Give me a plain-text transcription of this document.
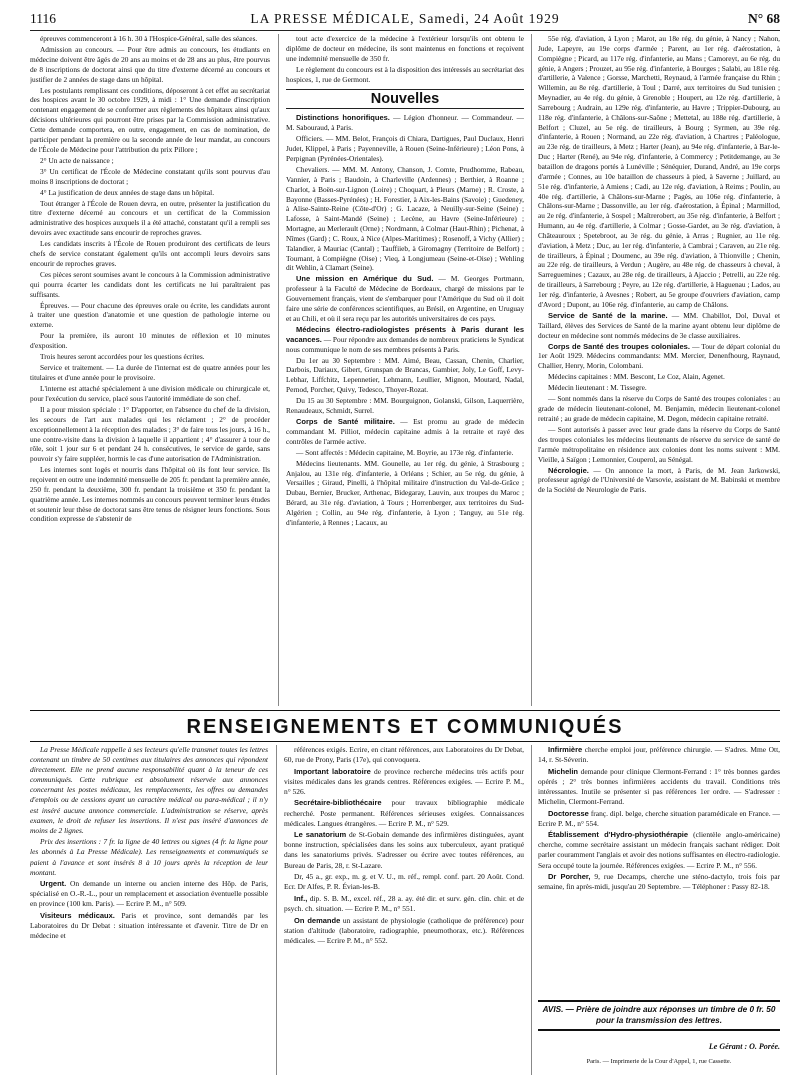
1116	LA PRESSE MÉDICALE, Samedi, 24 Août 1929	N° 68

épreuves commenceront à 16 h. 30 à l'Hospice-Général, salle des séances.

Admission au concours. — Pour être admis au concours, les étudiants en médecine doivent être âgés de 20 ans au moins et de 28 ans au plus, être pourvus de 8 inscriptions de doctorat ainsi que du titre d'externe décerné au concours et justifier de 2 années de stage dans un hôpital.

Les postulants remplissant ces conditions, déposeront à cet effet au secrétariat des hospices avant le 30 octobre 1929, à midi : 1° Une demande d'inscription contenant engagement de se conformer aux règlements des hôpitaux ainsi qu'aux décisions ultérieures qui pourront être prises par la Commission administrative. Cette demande comportera, en outre, engagement, en cas de nomination, de participer pendant la première ou la seconde année de leur mandat, au concours de l'École de Médecine pour l'attribution du prix Pillore ;

2° Un acte de naissance ;

3° Un certificat de l'École de Médecine constatant qu'ils sont pourvus d'au moins 8 inscriptions de doctorat ;

4° La justification de deux années de stage dans un hôpital.

Tout étranger à l'École de Rouen devra, en outre, présenter la justification du titre d'externe décerné au concours et un certificat de la Commission administrative des hospices auxquels il a été attaché, constatant qu'il a rempli ses devoirs avec exactitude sans encourir de reproches graves.

Les candidats inscrits à l'École de Rouen produiront des certificats de leurs chefs de service constatant également qu'ils ont accompli leurs devoirs sans encourir de reproches graves.

Ces pièces seront soumises avant le concours à la Commission administrative qui pourra écarter les candidats dont les certificats ne lui paraîtraient pas suffisants.

Épreuves. — Pour chacune des épreuves orale ou écrite, les candidats auront à traiter une question d'anatomie et une question de pathologie interne ou externe.

Pour la première, ils auront 10 minutes de réflexion et 10 minutes d'exposition.

Trois heures seront accordées pour les questions écrites.

Service et traitement. — La durée de l'internat est de quatre années pour les titulaires et d'une année pour le provisoire.

L'interne est attaché spécialement à une division médicale ou chirurgicale et, pour l'exécution du service, placé sous l'autorité immédiate de son chef.

Il a pour mission spéciale : 1° D'apporter, en l'absence du chef de la division, les secours de l'art aux malades qui les réclament ; 2° de procéder exceptionnellement à la réception des malades ; 3° de faire tous les jours, à 16 h., une contre-visite dans la division à laquelle il appartient ; 4° d'assurer à tour de rôle, soit 1 jour sur 6 et pendant 24 h. consécutives, le service de garde, sans pouvoir s'y faire suppléer, hormis le cas d'une autorisation de l'Administration.

Les internes sont logés et nourris dans l'hôpital où ils font leur service. Ils reçoivent en outre une indemnité mensuelle de 205 fr. pendant la première année, 250 fr. pendant la deuxième, 300 fr. pendant la troisième et 350 fr. pendant la quatrième année. Les internes nommés au concours peuvent terminer leurs études et soutenir leur thèse de doctorat sans être tenus de résigner leurs fonctions. Sous condition expresse de s'abstenir de

tout acte d'exercice de la médecine à l'extérieur lorsqu'ils ont obtenu le diplôme de docteur en médecine, ils sont maintenus en fonctions et reçoivent une indemnité mensuelle de 350 fr.

Le règlement du concours est à la disposition des intéressés au secrétariat des hospices, 1, rue de Germont.

Nouvelles

Distinctions honorifiques. — Légion d'honneur. — Commandeur. — M. Sabouraud, à Paris.

Officiers. — MM. Belot, François di Chiara, Dartigues, Paul Duclaux, Henri Judet, Klippel, à Paris ; Payenneville, à Rouen (Seine-Inférieure) ; Léon Pons, à Perpignan (Pyrénées-Orientales).

Chevaliers. — MM. M. Antony, Chanson, J. Comte, Prudhomme, Rabeau, Vannier, à Paris ; Baudoin, à Charleville (Ardennes) ; Berthier, à Roanne ; Charlot, à Boën-sur-Lignon (Loire) ; Choquart, à Pleurs (Marne) ; R. Croste, à Bayonne (Basses-Pyrénées) ; H. Forestier, à Aix-les-Bains (Savoie) ; Guedeney, à Alise-Sainte-Reine (Côte-d'Or) ; G. Lacaze, à Neuilly-sur-Seine (Seine) ; Lafosse, à Saint-Mandé (Seine) ; Lecène, au Havre (Seine-Inférieure) ; Mortagne, au Merlerault (Orne) ; Nordmann, à Colmar (Haut-Rhin) ; Pichenat, à Nîmes (Gard) ; C. Roux, à Nice (Alpes-Maritimes) ; Rosenoff, à Vichy (Allier) ; Talandier, à Mauriac (Cantal) ; Tauffiieb, à Giromagny (Territoire de Belfort) ; Tournant, à Compiègne (Oise) ; Vieq, à Longjumeau (Seine-et-Oise) ; Wehling dit Wehlin, à Clamart (Seine).

Une mission en Amérique du Sud. — M. Georges Portmann, professeur à la Faculté de Médecine de Bordeaux, chargé de missions par le Gouvernement français, vient de s'embarquer pour l'Amérique du Sud où il doit faire une série de conférences scientifiques, au Brésil, en Argentine, en Uruguay et au Chili, et où il sera reçu par les autorités universitaires de ces pays.

Médecins électro-radiologistes présents à Paris durant les vacances. — Pour répondre aux demandes de nombreux praticiens le Syndicat nous communique le nom de ses membres présents à Paris.

Du 1er au 30 Septembre : MM. Aimé, Beau, Cassan, Chenin, Charlier, Darbois, Dariaux, Gibert, Grunspan de Brancas, Gambier, Joly, Le Goff, Levy-Lebhar, Liffchitz, Lepennetier, Lehmann, Leullier, Mignon, Moutard, Nadal, Pernod, Porcher, Quivy, Tedesco, Thoyer-Rozat.

Du 15 au 30 Septembre : MM. Bourguignon, Golanski, Gilson, Laquerrière, Renaudeaux, Schmidt, Surrel.

Corps de Santé militaire. — Est promu au grade de médecin commandant M. Pilliot, médecin capitaine admis à la retraite et rayé des contrôles de l'armée active.

— Sont affectés : Médecin capitaine, M. Boyrie, au 173e rég. d'infanterie.

Médecins lieutenants. MM. Gounelle, au 1er rég. du génie, à Strasbourg ; Anjalou, au 131e rég. d'infanterie, à Orléans ; Schier, au 5e rég. du génie, à Versailles ; Giraud, Pinelli, à l'hôpital militaire d'instruction du Val-de-Grâce ; Dubau, Bernier, Brucker, Arthenac, Bidegaray, Lauvin, aux troupes du Maroc ; Bérard, au 31e rég. d'aviation, à Tours ; Horrenberger, aux territoires du Sud-Algérien ; Collin, au 94e rég. d'infanterie, à Lyon ; Tanguy, au 51e rég. d'infanterie, à Rennes ; Lacaux, au

55e rég. d'aviation, à Lyon ; Marot, au 18e rég. du génie, à Nancy ; Nahon, Jude, Lapeyre, au 19e corps d'armée ; Parent, au 1er rég. d'aérostation, à Compiègne ; Picard, au 117e rég. d'infanterie, au Mans ; Camoreyt, au 6e rég. du génie, à Angers ; Prouzet, au 95e rég. d'infanterie, à Bourges ; Salabi, au 181e rég. d'artillerie, à Valence ; Gorsse, Marchetti, Reynaud, à l'armée française du Rhin ; Willemin, au 8e rég. d'artillerie, à Toul ; Darré, aux territoires du Sud tunisien ; Meynadier, au 4e rég. du génie, à Grenoble ; Houpert, au 12e rég. d'artillerie, à Sarrebourg ; Audrain, au 129e rég. d'infanterie, au Havre ; Trippier-Dubourg, au 118e rég. d'infanterie, à Châlons-sur-Saône ; Mettetal, au 188e rég. d'artillerie, à Belfort ; Cluzel, au 5e rég. de tirailleurs, à Bourg ; Syrmen, au 39e rég. d'infanterie, à Rouen ; Normand, au 22e rég. d'aviation, à Chartres ; Paléologue, au 23e rég. de tirailleurs, à Metz ; Harter (Jean), au 94e rég. d'infanterie, à Bar-le-Duc ; Harter (René), au 94e rég. d'infanterie, à Commercy ; Petitdemange, au 3e bataillon de dragons portés à Lunéville ; Sénéquier, Durand, André, au 19e corps d'armée ; Connes, au 10e bataillon de chasseurs à pied, à Saverne ; Juillard, au 51e rég. d'infanterie, à Amiens ; Cadi, au 12e rég. d'aviation, à Reims ; Poulin, au 40e rég. d'artillerie, à Châlons-sur-Marne ; Pagès, au 106e rég. d'infanterie, à Châlons-sur-Marne ; Dassonville, au 1er rég. d'aérostation, à Épinal ; Marmillod, au 2e rég. d'infanterie, à Sospel ; Maîtrerobert, au 35e rég. d'infanterie, à Belfort ; Humann, au 4e rég. d'artillerie, à Colmar ; Gosse-Gardet, au 3e rég. d'aviation, à Châteauroux ; Spetebroot, au 3e rég. du génie, à Arras ; Rugnier, au 11e rég. d'aviation, à Metz ; Duc, au 1er rég. d'infanterie, à Cambrai ; Caraven, au 21e rég. de tirailleurs, à Épinal ; Doumenc, au 39e rég. d'aviation, à Thionville ; Chenin, au 22e rég. de tirailleurs, à Verdun ; Augère, au 48e rég. de chasseurs à cheval, à Sarreguemines ; Cazaux, au 28e rég. de tirailleurs, à Ajaccio ; Petrelli, au 22e rég. de tirailleurs, à Sarrebourg ; Peyre, au 12e rég. d'artillerie, à Haguenau ; Lados, au 1er rég. d'infanterie, à Avesnes ; Robert, au 5e groupe d'ouvriers d'aviation, camp d'Avord ; Dupont, au 106e rég. d'infanterie, au camp de Châlons.

Service de Santé de la marine. — MM. Chabillot, Dol, Duval et Taillard, élèves des Services de Santé de la marine ayant obtenu leur diplôme de docteur en médecine sont nommés médecins de 3e classe auxiliaires.

Corps de Santé des troupes coloniales. — Tour de départ colonial du 1er Août 1929. Médecins commandants: MM. Mercier, Denenfhourg, Raynaud, Challier, Henry, Morin, Colombani.

Médecins capitaines : MM. Bescont, Le Coz, Alain, Agenet.

Médecin lieutenant : M. Tissegre.

— Sont nommés dans la réserve du Corps de Santé des troupes coloniales : au grade de médecin lieutenant-colonel, M. Benjamin, médecin lieutenant-colonel retraité ; au grade de médecin capitaine, M. Degon, médecin capitaine retraité.

— Sont autorisés à passer avec leur grade dans la réserve du Corps de Santé des troupes coloniales les médecins lieutenants de réserve du service de santé de l'armée métropolitaine en résidence aux colonies dont les noms suivent : MM. Vieille, à Saïgon ; Lemonnier, Couperol, au Sénégal.

Nécrologie. — On annonce la mort, à Paris, de M. Jean Jarkowski, professeur agrégé de l'Université de Varsovie, assistant de M. Babinski et membre de la Société de Neurologie de Paris.

RENSEIGNEMENTS ET COMMUNIQUÉS

La Presse Médicale rappelle à ses lecteurs qu'elle transmet toutes les lettres contenant un timbre de 50 centimes aux titulaires des annonces qui répondent directement. Elle ne prend aucune responsabilité quant à la teneur de ces communiqués. Cette rubrique est absolument réservée aux annonces concernant les postes médicaux, les remplacements, les offres ou demandes d'emplois ou de cessions ayant un caractère médical ou para-médical ; il n'y est inséré aucune annonce commerciale. L'administration se réserve, après examen, le droit de refuser les insertions. Il n'est pas inséré d'annonces de moins de 2 lignes.

Prix des insertions : 7 fr. la ligne de 40 lettres ou signes (4 fr. la ligne pour les abonnés à La Presse Médicale). Les renseignements et communiqués se paient à l'avance et sont insérés 8 à 10 jours après la réception de leur montant.

Urgent. On demande un interne ou ancien interne des Hôp. de Paris, spécialisé en O.-R.-L., pour un remplacement et association éventuelle possible en province (100 km. Paris). — Ecrire P. M., n° 509.

Visiteurs médicaux. Paris et province, sont demandés par les Laboratoires du Dr Debat : situation intéressante et d'avenir. Titre de Dr en médecine et

références exigés. Ecrire, en citant références, aux Laboratoires du Dr Debat, 60, rue de Prony, Paris (17e), qui convoquera.

Important laboratoire de province recherche médecins très actifs pour visites médicales dans les grands centres. Références exigées. — Ecrire P. M., n° 526.

Secrétaire-bibliothécaire pour travaux bibliographie médicale recherché. Poste permanent. Références sérieuses exigées. Connaissances médicales. Langues étrangères. — Ecrire P. M., n° 529.

Le sanatorium de St-Gobain demande des infirmières distinguées, ayant bonne instruction, spécialisées dans les soins aux tuberculeux, ayant pratiqué dans les sanatoriums privés. S'adresser ou écrire avec toutes références, au Bureau de Paris, 28, r. St-Lazare.

Dr, 45 a., gr. exp., m. g. et V. U., m. réf., rempl. conf. part. 20 Août. Cond. Ecr. Dr Alfes, P. R. Évian-les-B.

Inf., dip. S. B. M., excel. réf., 28 a. ay. été dir. et surv. gén. clin. chir. et de psych. ch. situation. — Ecrire P. M., n° 551.

On demande un assistant de physiologie (catholique de préférence) pour station d'altitude (laboratoire, radiographie, pneumothorax, etc.). Références médicales. — Ecrire P. M., n° 552.

Infirmière cherche emploi jour, préférence chirurgie. — S'adres. Mme Ott, 14, r. St-Séverin.

Michelin demande pour clinique Clermont-Ferrand : 1° très bonnes gardes opérés ; 2° très bonnes infirmières accidents du travail. Conditions très intéressantes. Inutile se présenter si pas références 1er ordre. — S'adresser : Michelin, Clermont-Ferrand.

Doctoresse franç. dipl. belge, cherche situation paramédicale en France. — Ecrire P. M., n° 554.

Établissement d'Hydro-physiothérapie (clientèle anglo-américaine) cherche, comme secrétaire assistant un médecin français sachant rédiger. Doit parler couramment l'anglais et avoir des notions suffisantes en électro-radiologie. Sera occupé toute la journée. Références exigées. — Ecrire P. M., n° 556.

Dr Porcher, 9, rue Decamps, cherche une sténo-dactylo, trois fois par semaine, fin après-midi, jusqu'au 20 Septembre. — Téléphoner : Passy 82-18.

AVIS. — Prière de joindre aux réponses un timbre de 0 fr. 50 pour la transmission des lettres.
Le Gérant : O. Porée.
Paris. — Imprimerie de la Cour d'Appel, 1, rue Cassette.
